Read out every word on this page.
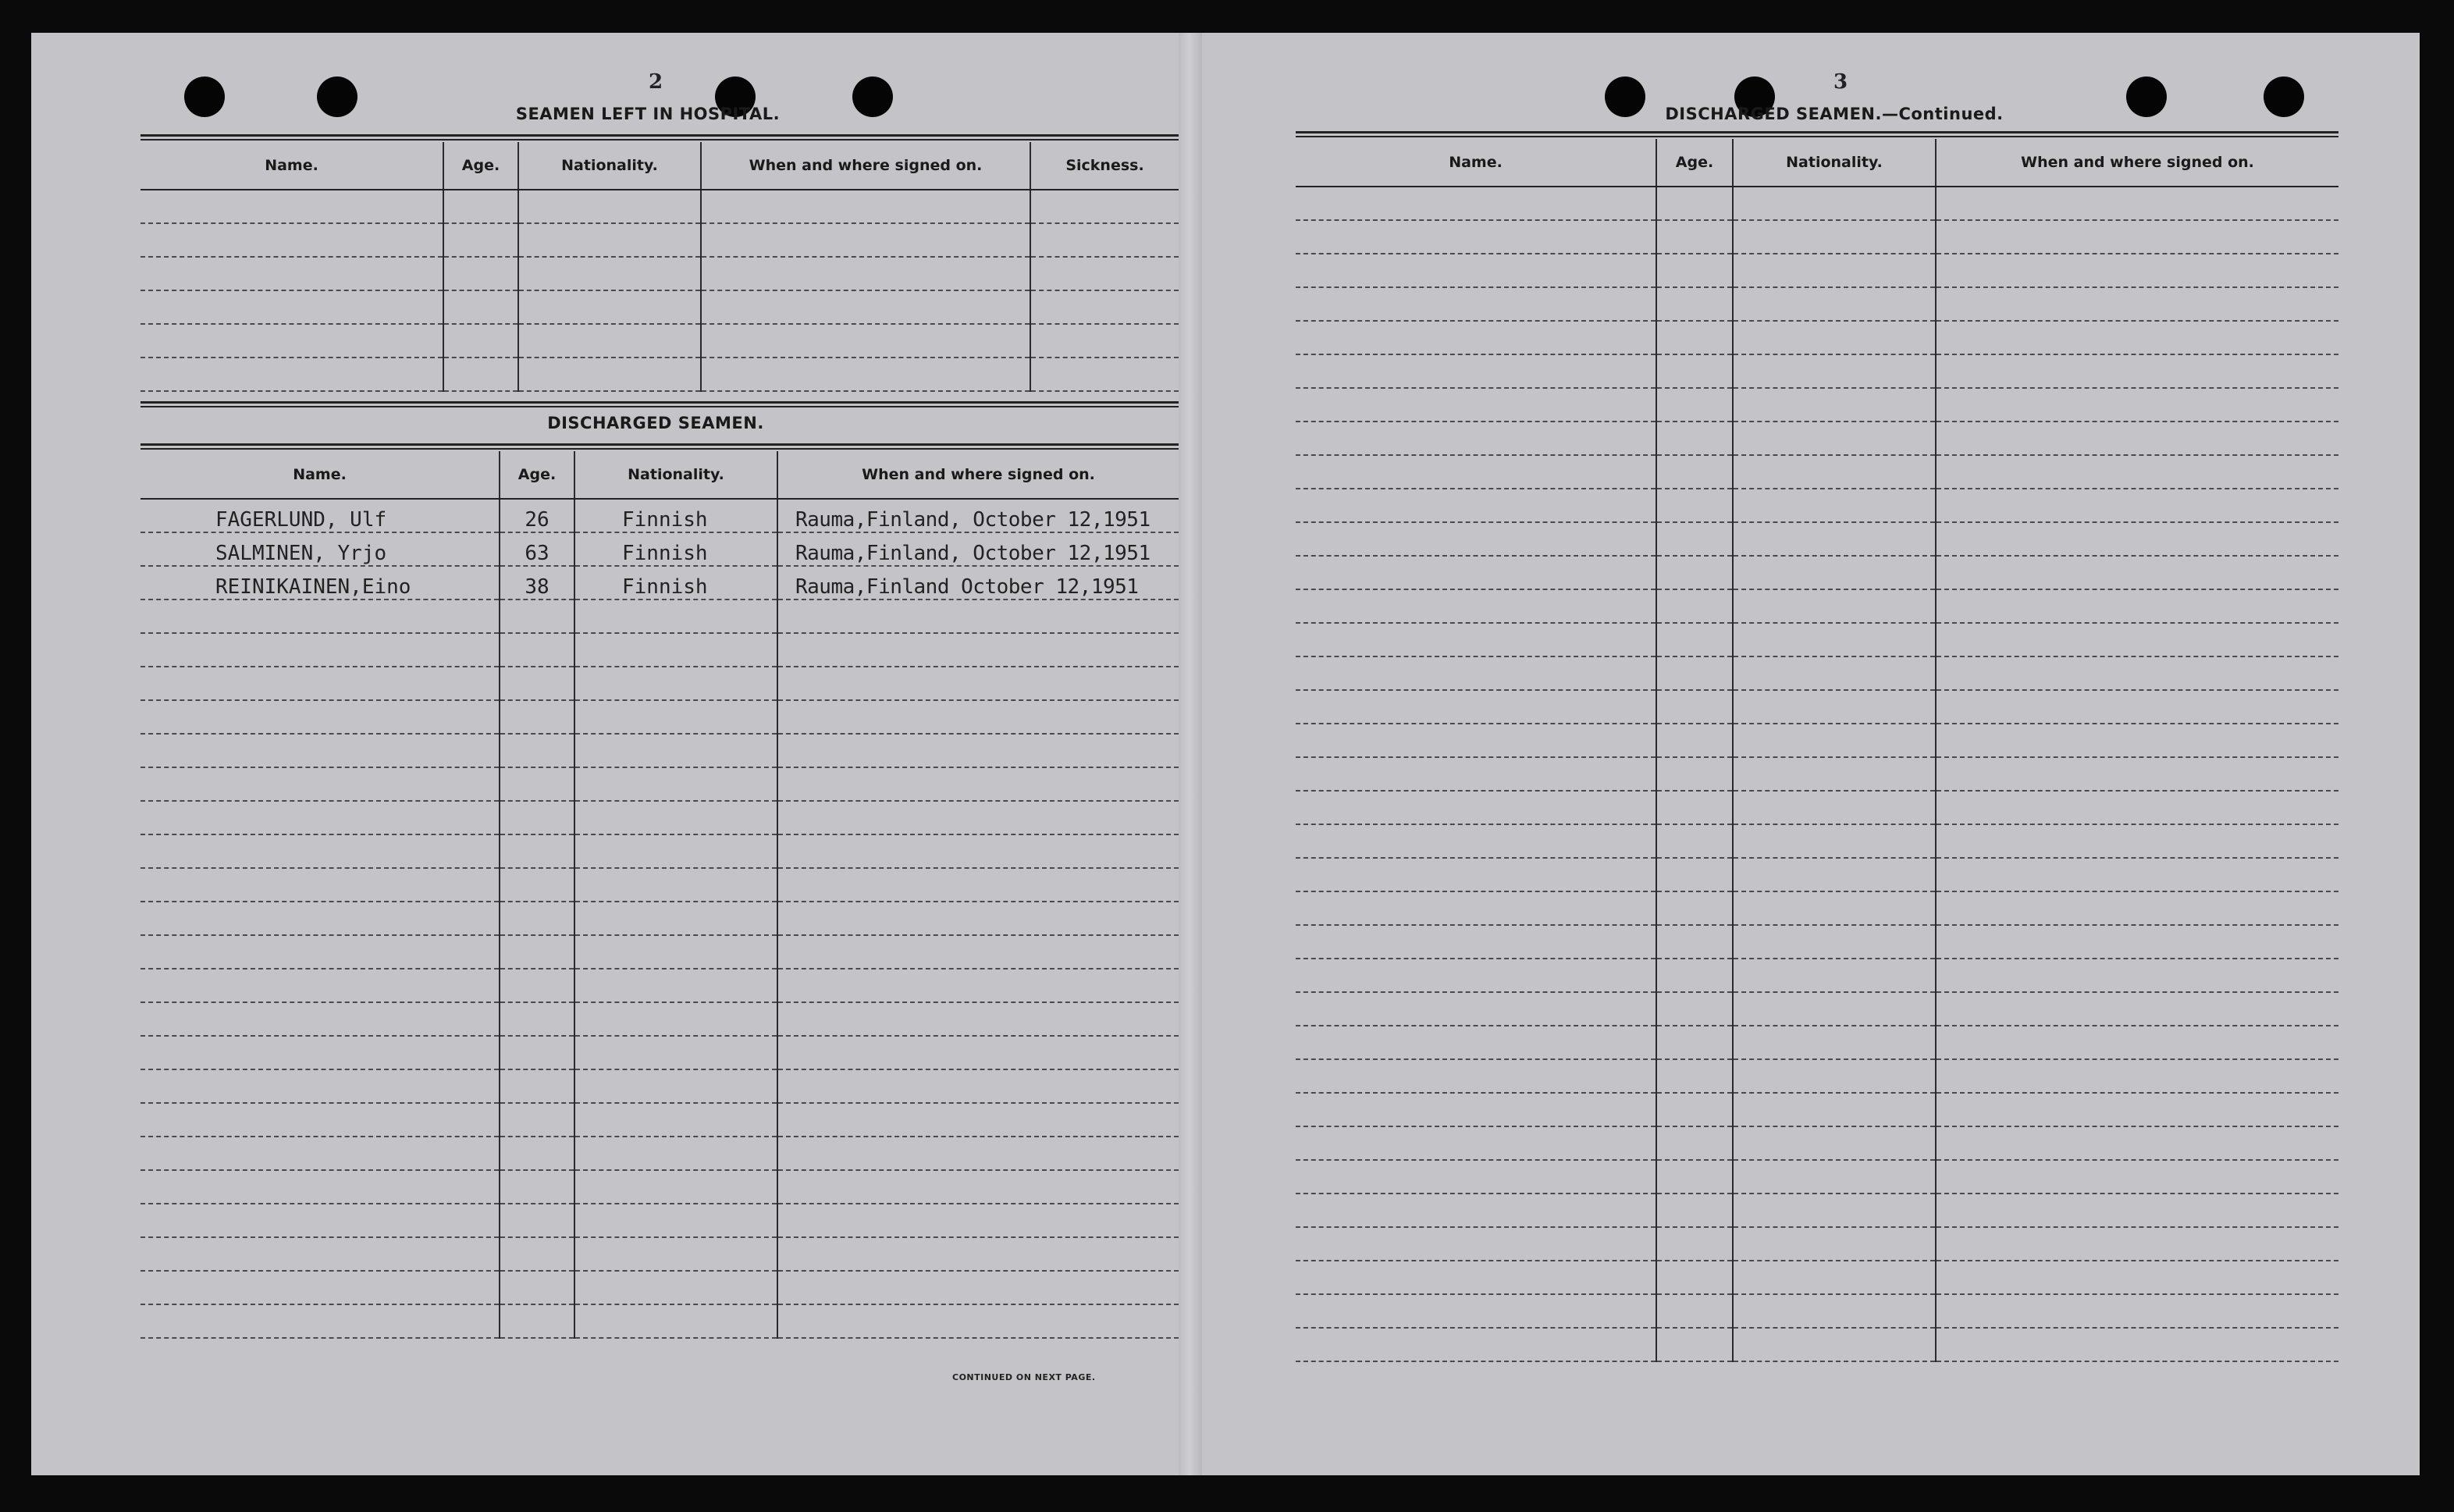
2
SEAMEN LEFT IN HOSPITAL.
Name.	Age.	Nationality.	When and where signed on.	Sickness.

DISCHARGED SEAMEN.
Name.	Age.	Nationality.	When and where signed on.
FAGERLUND, Ulf	26	Finnish	Rauma,Finland, October 12,1951
SALMINEN, Yrjo	63	Finnish	Rauma,Finland, October 12,1951
REINIKAINEN,Eino	38	Finnish	Rauma,Finland October 12,1951

CONTINUED ON NEXT PAGE.
3
DISCHARGED SEAMEN.—Continued.
Name.	Age.	Nationality.	When and where signed on.
